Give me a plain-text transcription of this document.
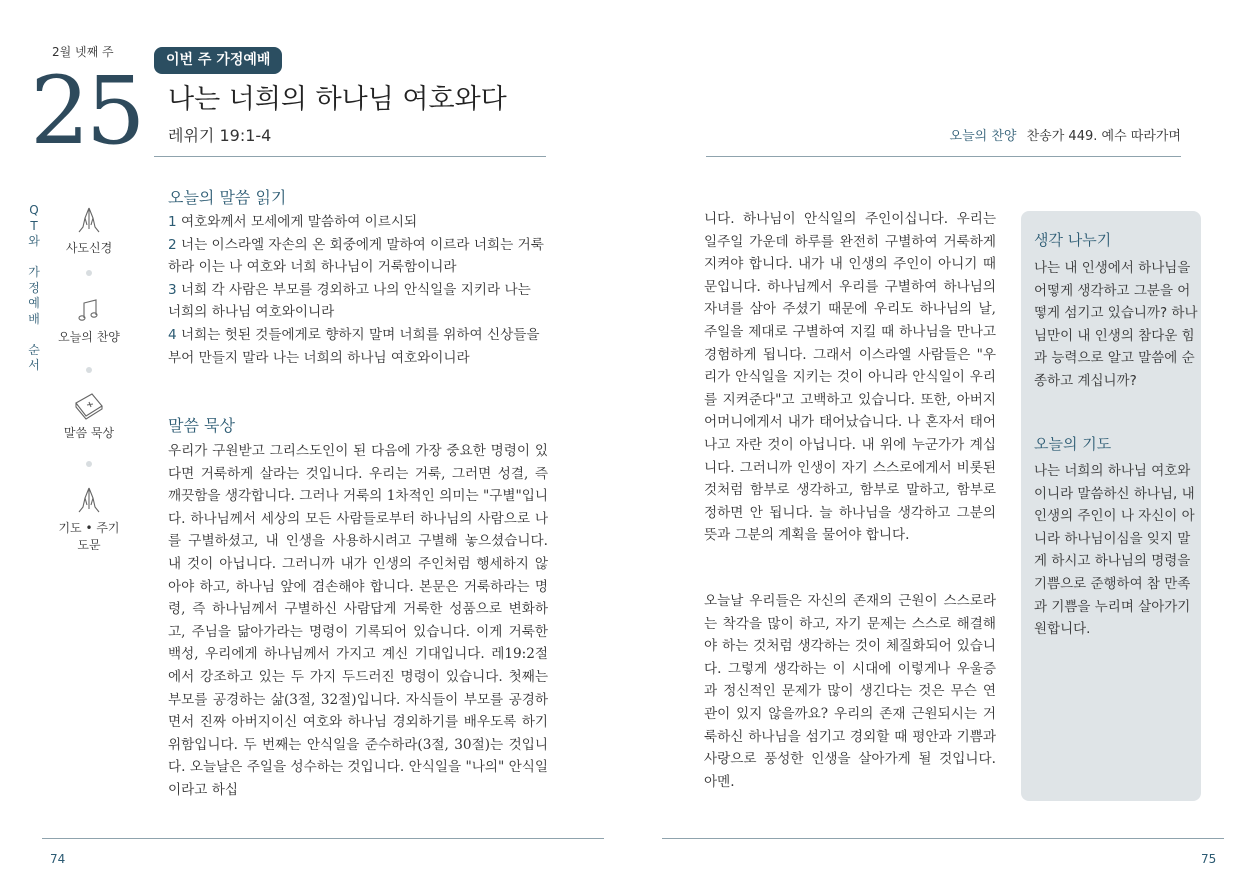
2월 넷째 주
25	이번 주 가정예배
나는 너희의 하나님 여호와다
레위기 19:1-4
Q
T
와
가
정
예
배
순
서
사도신경
오늘의 찬양
말씀 묵상
기도 • 주기도문
오늘의 말씀 읽기
1 여호와께서 모세에게 말씀하여 이르시되
2 너는 이스라엘 자손의 온 회중에게 말하여 이르라 너희는 거룩하라 이는 나 여호와 너희 하나님이 거룩함이니라
3 너희 각 사람은 부모를 경외하고 나의 안식일을 지키라 나는 너희의 하나님 여호와이니라
4 너희는 헛된 것들에게로 향하지 말며 너희를 위하여 신상들을 부어 만들지 말라 나는 너희의 하나님 여호와이니라
말씀 묵상
우리가 구원받고 그리스도인이 된 다음에 가장 중요한 명령이 있다면 거룩하게 살라는 것입니다. 우리는 거룩, 그러면 성결, 즉 깨끗함을 생각합니다. 그러나 거룩의 1차적인 의미는 "구별"입니다. 하나님께서 세상의 모든 사람들로부터 하나님의 사람으로 나를 구별하셨고, 내 인생을 사용하시려고 구별해 놓으셨습니다. 내 것이 아닙니다. 그러니까 내가 인생의 주인처럼 행세하지 않아야 하고, 하나님 앞에 겸손해야 합니다. 본문은 거룩하라는 명령, 즉 하나님께서 구별하신 사람답게 거룩한 성품으로 변화하고, 주님을 닮아가라는 명령이 기록되어 있습니다. 이게 거룩한 백성, 우리에게 하나님께서 가지고 계신 기대입니다. 레19:2절에서 강조하고 있는 두 가지 두드러진 명령이 있습니다. 첫째는 부모를 공경하는 삶(3절, 32절)입니다. 자식들이 부모를 공경하면서 진짜 아버지이신 여호와 하나님 경외하기를 배우도록 하기 위함입니다. 두 번째는 안식일을 준수하라(3절, 30절)는 것입니다. 오늘날은 주일을 성수하는 것입니다. 안식일을 "나의" 안식일이라고 하십
74
오늘의 찬양 찬송가 449. 예수 따라가며
니다. 하나님이 안식일의 주인이십니다. 우리는 일주일 가운데 하루를 완전히 구별하여 거룩하게 지켜야 합니다. 내가 내 인생의 주인이 아니기 때문입니다. 하나님께서 우리를 구별하여 하나님의 자녀를 삼아 주셨기 때문에 우리도 하나님의 날, 주일을 제대로 구별하여 지킬 때 하나님을 만나고 경험하게 됩니다. 그래서 이스라엘 사람들은 "우리가 안식일을 지키는 것이 아니라 안식일이 우리를 지켜준다"고 고백하고 있습니다. 또한, 아버지 어머니에게서 내가 태어났습니다. 나 혼자서 태어나고 자란 것이 아닙니다. 내 위에 누군가가 계십니다. 그러니까 인생이 자기 스스로에게서 비롯된 것처럼 함부로 생각하고, 함부로 말하고, 함부로 정하면 안 됩니다. 늘 하나님을 생각하고 그분의 뜻과 그분의 계획을 물어야 합니다.
오늘날 우리들은 자신의 존재의 근원이 스스로라는 착각을 많이 하고, 자기 문제는 스스로 해결해야 하는 것처럼 생각하는 것이 체질화되어 있습니다. 그렇게 생각하는 이 시대에 이렇게나 우울증과 정신적인 문제가 많이 생긴다는 것은 무슨 연관이 있지 않을까요? 우리의 존재 근원되시는 거룩하신 하나님을 섬기고 경외할 때 평안과 기쁨과 사랑으로 풍성한 인생을 살아가게 될 것입니다. 아멘.
생각 나누기
나는 내 인생에서 하나님을 어떻게 생각하고 그분을 어떻게 섬기고 있습니까? 하나님만이 내 인생의 참다운 힘과 능력으로 알고 말씀에 순종하고 계십니까?
오늘의 기도
나는 너희의 하나님 여호와이니라 말씀하신 하나님, 내 인생의 주인이 나 자신이 아니라 하나님이심을 잊지 말게 하시고 하나님의 명령을 기쁨으로 준행하여 참 만족과 기쁨을 누리며 살아가기 원합니다.
75
